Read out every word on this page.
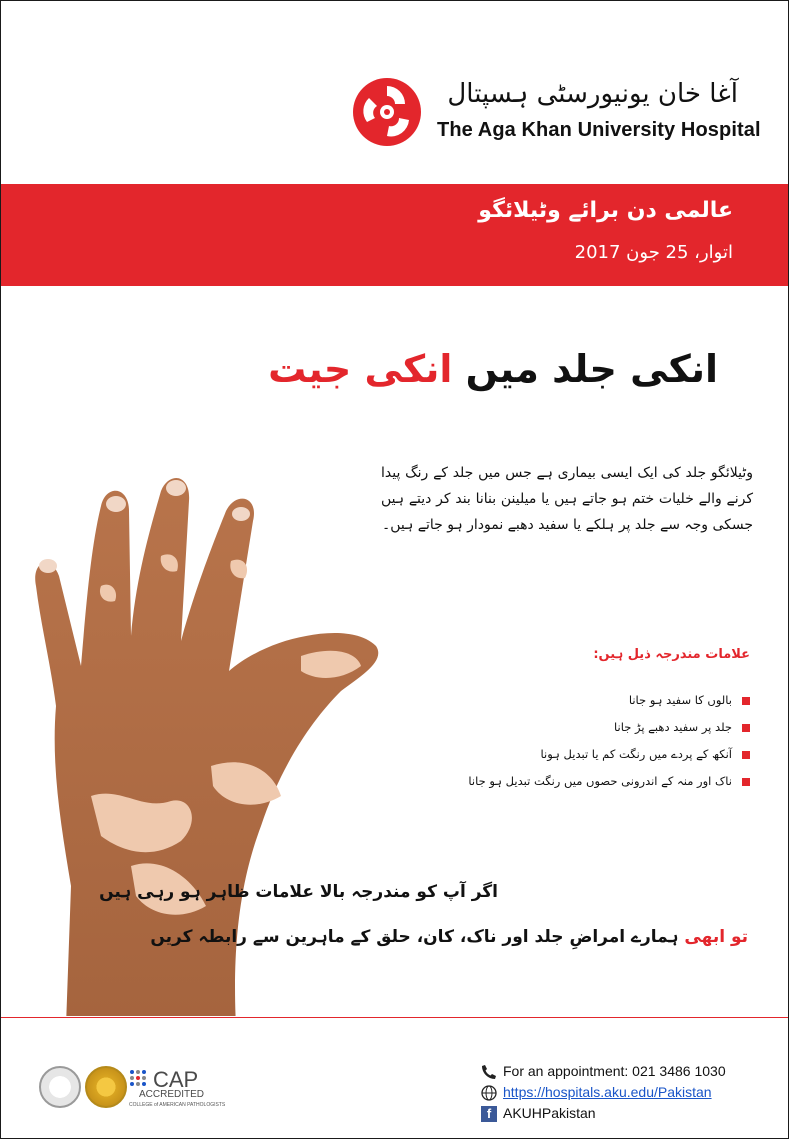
آغا خان یونیورسٹی ہسپتال
The Aga Khan University Hospital
عالمی دن برائے وٹیلائگو
اتوار، 25 جون 2017
انکی جلد میں انکی جیت
وٹیلائگو جلد کی ایک ایسی بیماری ہے جس میں جلد کے رنگ پیدا کرنے والے خلیات ختم ہو جاتے ہیں یا میلینن بنانا بند کر دیتے ہیں جسکی وجہ سے جلد پر ہلکے یا سفید دھبے نمودار ہو جاتے ہیں۔
علامات مندرجہ ذیل ہیں:
بالوں کا سفید ہو جانا
جلد پر سفید دھبے پڑ جانا
آنکھ کے پردے میں رنگت کم یا تبدیل ہونا
ناک اور منہ کے اندرونی حصوں میں رنگت تبدیل ہو جانا
اگر آپ کو مندرجہ بالا علامات ظاہر ہو رہی ہیں
تو ابھی ہمارے امراضِ جلد اور ناک، کان، حلق کے ماہرین سے رابطہ کریں
CAP
ACCREDITED
COLLEGE of AMERICAN PATHOLOGISTS
For an appointment: 021 3486 1030
https://hospitals.aku.edu/Pakistan
f AKUHPakistan
